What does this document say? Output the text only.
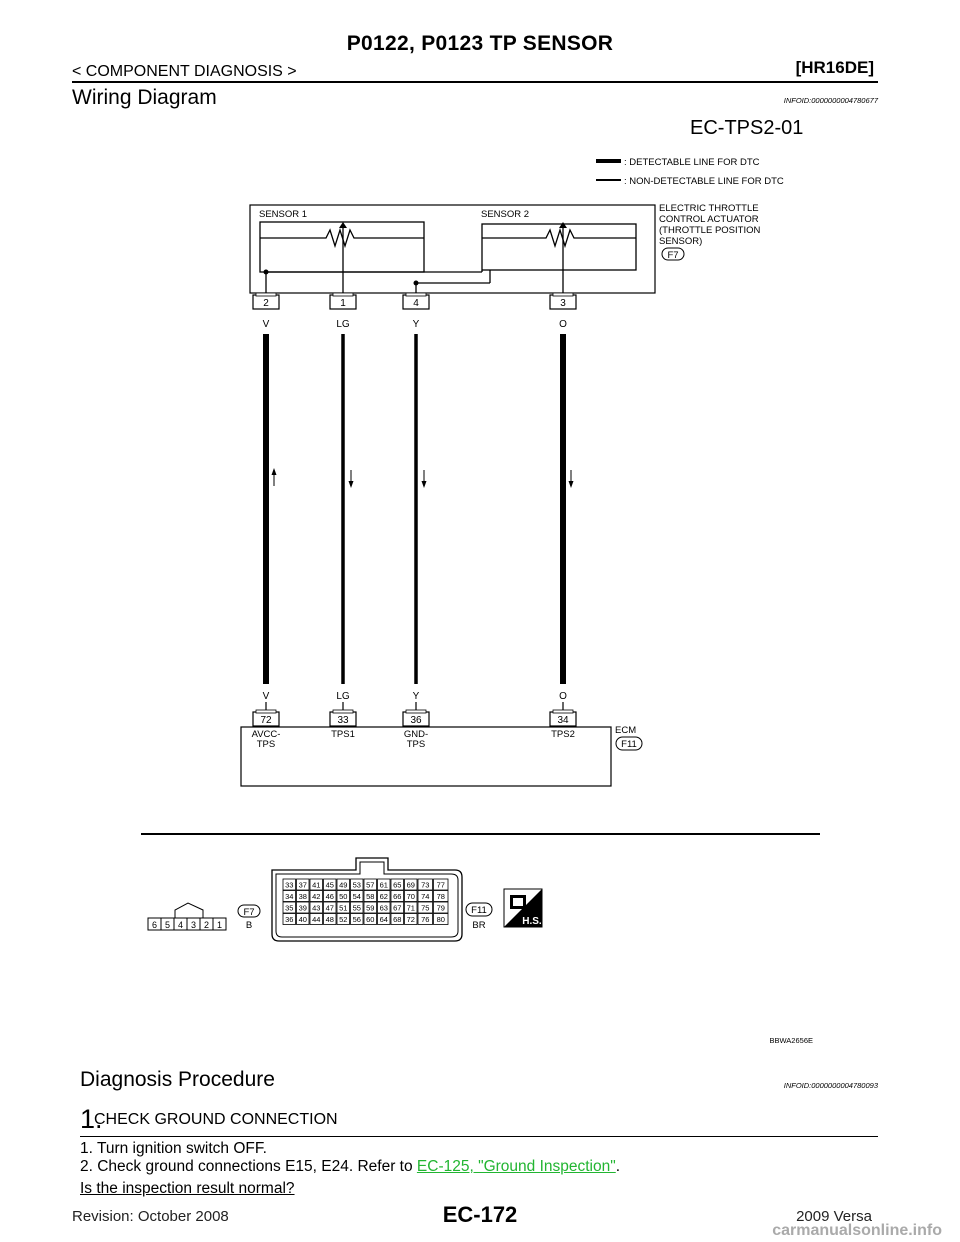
P0122, P0123 TP SENSOR
< COMPONENT DIAGNOSIS >	[HR16DE]
Wiring Diagram	INFOID:0000000004780677
EC-TPS2-01
: DETECTABLE LINE FOR DTC
: NON-DETECTABLE LINE FOR DTC
SENSOR 1	SENSOR 2
ELECTRIC THROTTLE
CONTROL ACTUATOR
(THROTTLE POSITION
SENSOR)
F7
2
V
1
LG
4
Y
3
O
ECM
F11
V
72
AVCC-
TPS
LG
33
TPS1
Y
36
GND-
TPS
O
34
TPS2
6 5 4 3 2 1
F7
B
33 37 41 45 49 53 57 61 65 69 73 77
34 38 42 46 50 54 58 62 66 70 74 78
35 39 43 47 51 55 59 63 67 71 75 79
36 40 44 48 52 56 60 64 68 72 76 80
F11
BR	H.S.
BBWA2656E
Diagnosis Procedure	INFOID:0000000004780093
1.
CHECK GROUND CONNECTION
1. Turn ignition switch OFF.
2. Check ground connections E15, E24. Refer to EC-125, "Ground Inspection".
Is the inspection result normal?
Revision: October 2008	EC-172	2009 Versa
carmanualsonline.info
